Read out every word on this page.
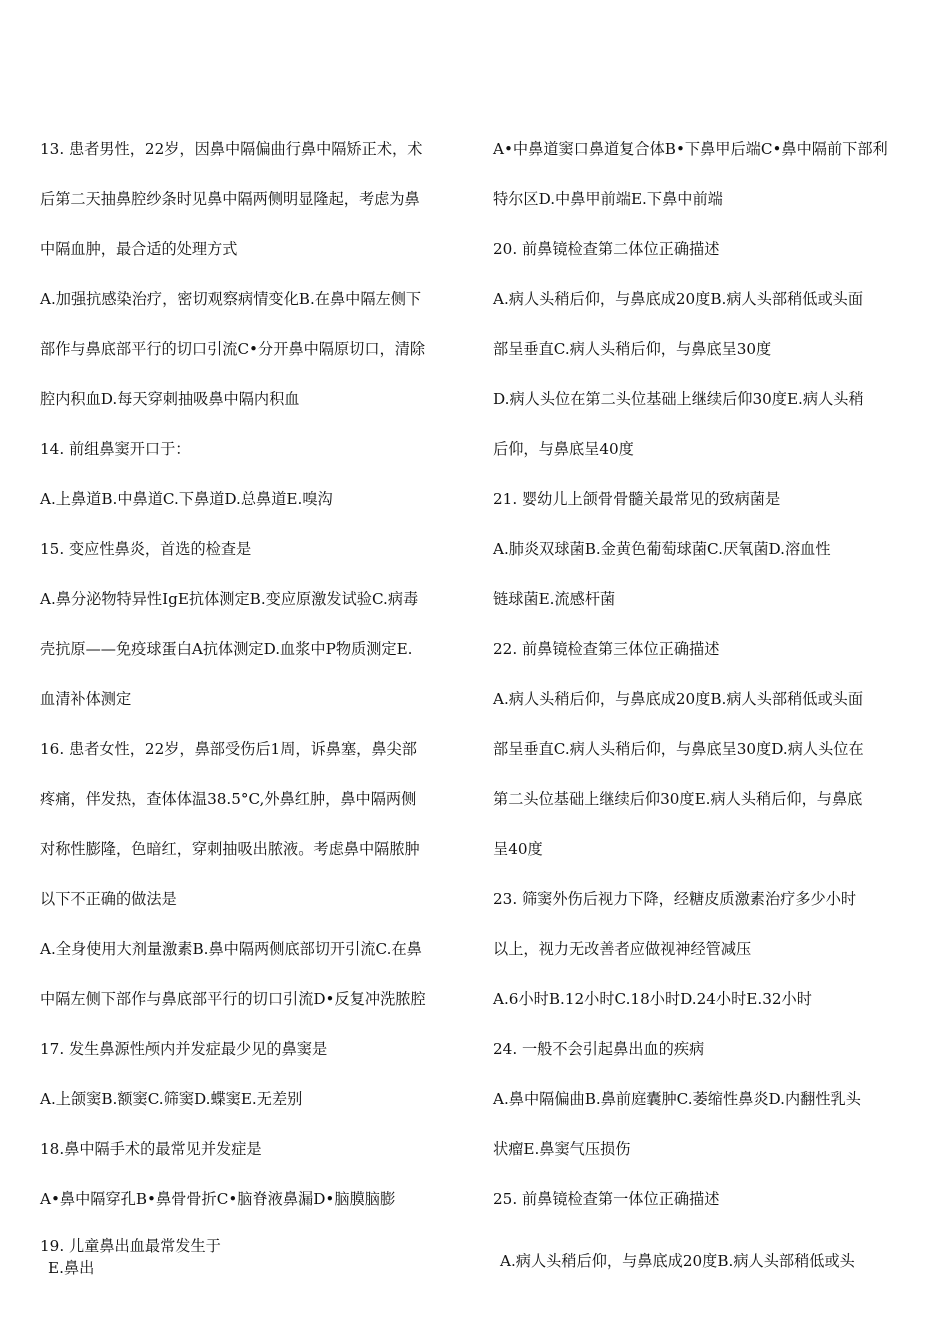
13. 患者男性，22岁，因鼻中隔偏曲行鼻中隔矫正术，术
后第二天抽鼻腔纱条时见鼻中隔两侧明显隆起，考虑为鼻
中隔血肿，最合适的处理方式
A.加强抗感染治疗，密切观察病情变化B.在鼻中隔左侧下
部作与鼻底部平行的切口引流C•分开鼻中隔原切口，清除
腔内积血D.每天穿刺抽吸鼻中隔内积血
14. 前组鼻窦开口于：
A.上鼻道B.中鼻道C.下鼻道D.总鼻道E.嗅沟
15. 变应性鼻炎，首选的检查是
A.鼻分泌物特异性IgE抗体测定B.变应原激发试验C.病毒
壳抗原——免疫球蛋白A抗体测定D.血浆中P物质测定E.
血清补体测定
16. 患者女性，22岁，鼻部受伤后1周，诉鼻塞，鼻尖部
疼痛，伴发热，查体体温38.5°C,外鼻红肿，鼻中隔两侧
对称性膨隆，色暗红，穿刺抽吸出脓液。考虑鼻中隔脓肿
以下不正确的做法是
A.全身使用大剂量激素B.鼻中隔两侧底部切开引流C.在鼻
中隔左侧下部作与鼻底部平行的切口引流D•反复冲洗脓腔
17. 发生鼻源性颅内并发症最少见的鼻窦是
A.上颌窦B.额窦C.筛窦D.蝶窦E.无差别
18.鼻中隔手术的最常见并发症是
A•鼻中隔穿孔B•鼻骨骨折C•脑脊液鼻漏D•脑膜脑膨
A•中鼻道窦口鼻道复合体B•下鼻甲后端C•鼻中隔前下部利
特尔区D.中鼻甲前端E.下鼻中前端
20. 前鼻镜检查第二体位正确描述
A.病人头稍后仰，与鼻底成20度B.病人头部稍低或头面
部呈垂直C.病人头稍后仰，与鼻底呈30度
D.病人头位在第二头位基础上继续后仰30度E.病人头稍
后仰，与鼻底呈40度
21. 婴幼儿上颌骨骨髓关最常见的致病菌是
A.肺炎双球菌B.金黄色葡萄球菌C.厌氧菌D.溶血性
链球菌E.流感杆菌
22. 前鼻镜检查第三体位正确描述
A.病人头稍后仰，与鼻底成20度B.病人头部稍低或头面
部呈垂直C.病人头稍后仰，与鼻底呈30度D.病人头位在
第二头位基础上继续后仰30度E.病人头稍后仰，与鼻底
呈40度
23. 筛窦外伤后视力下降，经糖皮质激素治疗多少小时
以上，视力无改善者应做视神经管减压
A.6小时B.12小时C.18小时D.24小时E.32小时
24. 一般不会引起鼻出血的疾病
A.鼻中隔偏曲B.鼻前庭囊肿C.萎缩性鼻炎D.内翻性乳头
状瘤E.鼻窦气压损伤
25. 前鼻镜检查第一体位正确描述
19. 儿童鼻出血最常发生于
E.鼻出	A.病人头稍后仰，与鼻底成20度B.病人头部稍低或头
